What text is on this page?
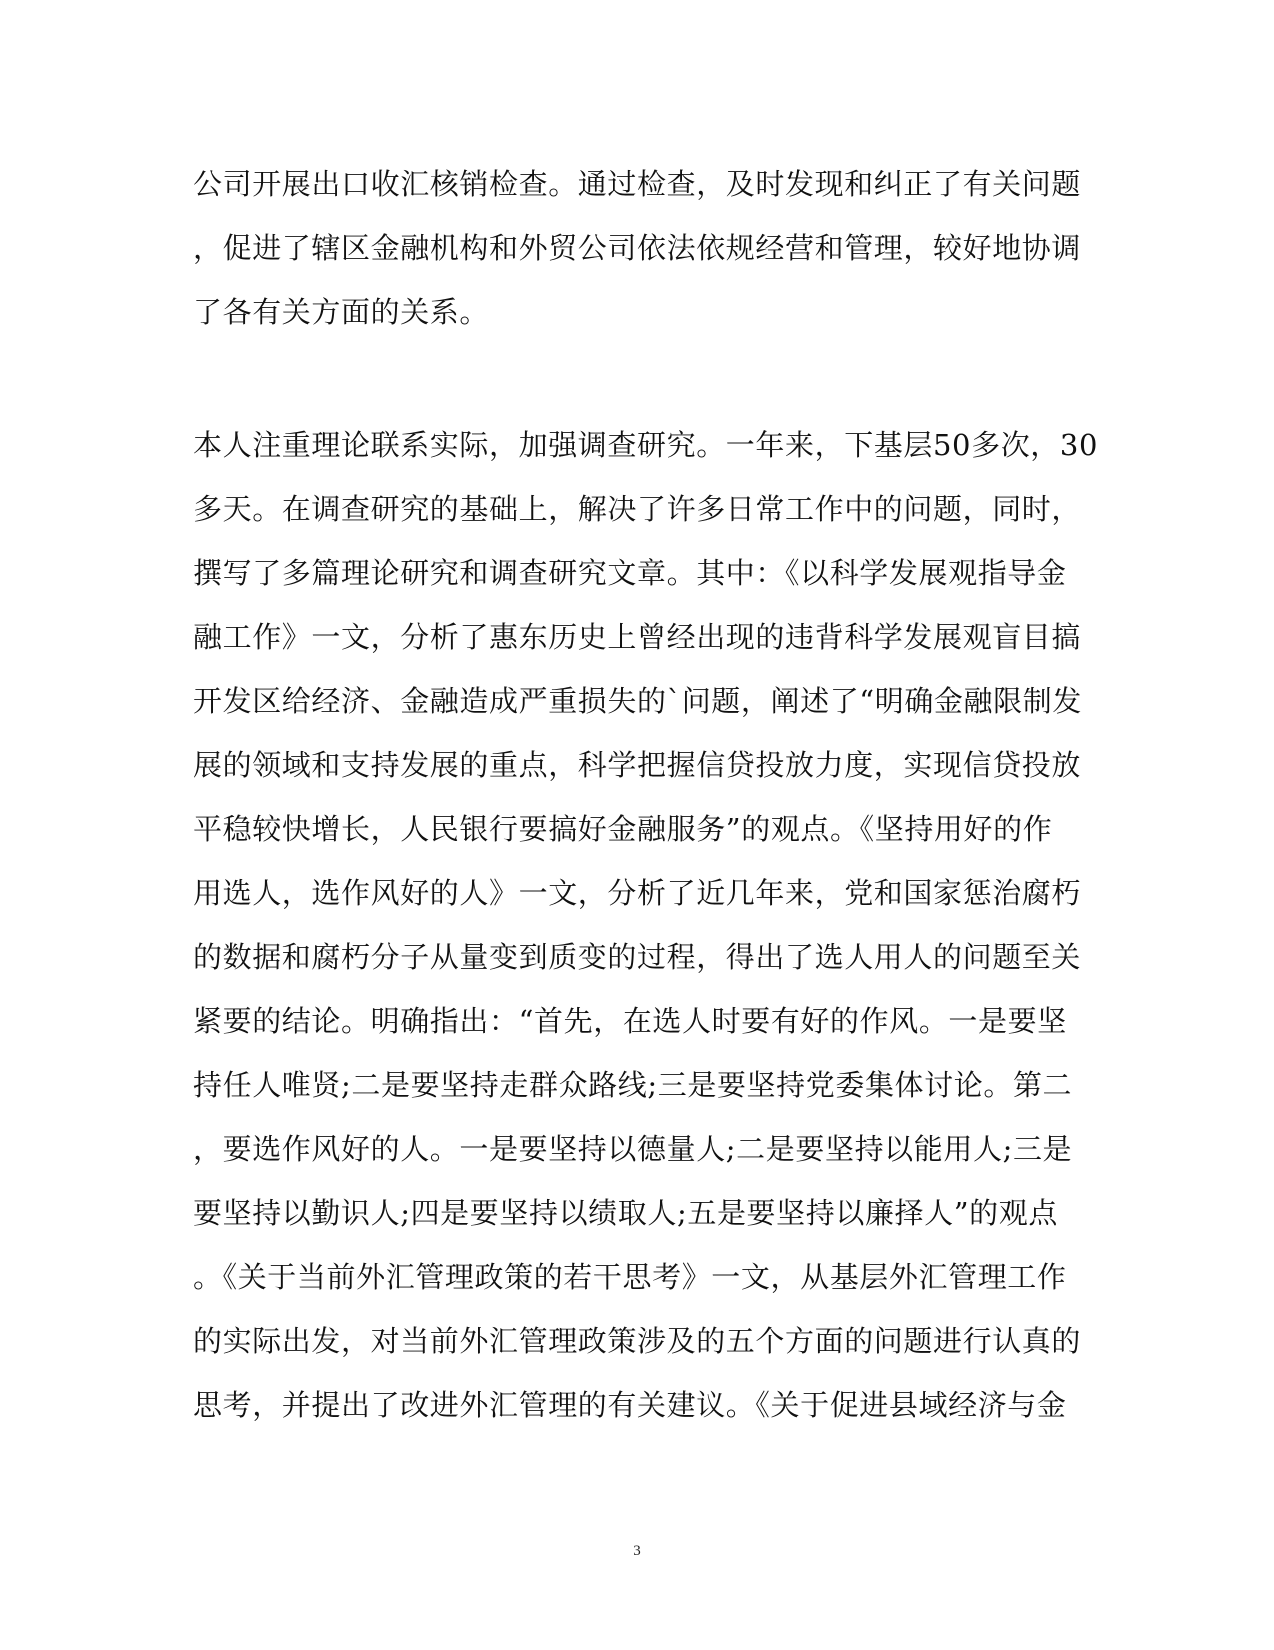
公司开展出口收汇核销检查。通过检查，及时发现和纠正了有关问题
，促进了辖区金融机构和外贸公司依法依规经营和管理，较好地协调
了各有关方面的关系。
本人注重理论联系实际，加强调查研究。一年来，下基层50多次，30
多天。在调查研究的基础上，解决了许多日常工作中的问题，同时，
撰写了多篇理论研究和调查研究文章。其中：《以科学发展观指导金
融工作》一文，分析了惠东历史上曾经出现的违背科学发展观盲目搞
开发区给经济、金融造成严重损失的`问题，阐述了“明确金融限制发
展的领域和支持发展的重点，科学把握信贷投放力度，实现信贷投放
平稳较快增长，人民银行要搞好金融服务”的观点。《坚持用好的作
用选人，选作风好的人》一文，分析了近几年来，党和国家惩治腐朽
的数据和腐朽分子从量变到质变的过程，得出了选人用人的问题至关
紧要的结论。明确指出：“首先，在选人时要有好的作风。一是要坚
持任人唯贤;二是要坚持走群众路线;三是要坚持党委集体讨论。第二
，要选作风好的人。一是要坚持以德量人;二是要坚持以能用人;三是
要坚持以勤识人;四是要坚持以绩取人;五是要坚持以廉择人”的观点
。《关于当前外汇管理政策的若干思考》一文，从基层外汇管理工作
的实际出发，对当前外汇管理政策涉及的五个方面的问题进行认真的
思考，并提出了改进外汇管理的有关建议。《关于促进县域经济与金
3
